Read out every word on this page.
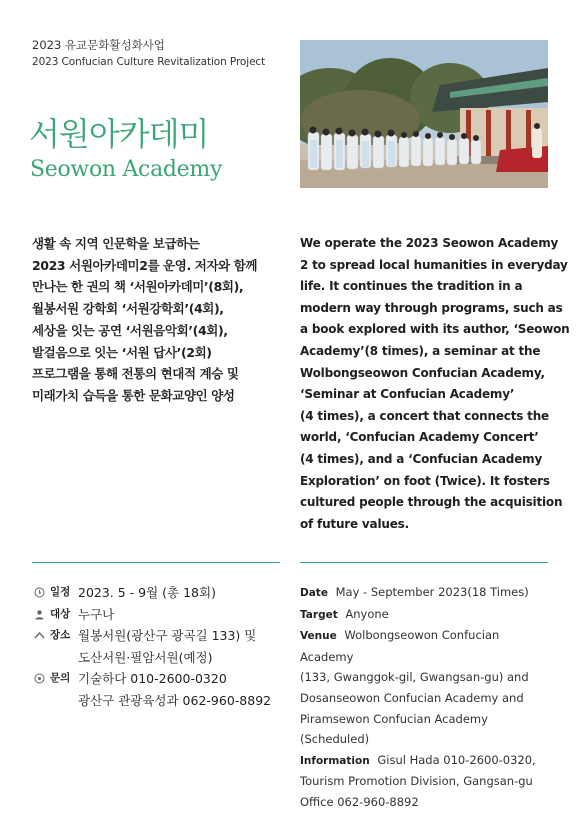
2023 유교문화활성화사업
2023 Confucian Culture Revitalization Project
서원아카데미
Seowon Academy
생활 속 지역 인문학을 보급하는
2023 서원아카데미2를 운영. 저자와 함께
만나는 한 권의 책 ‘서원아카데미’(8회),
월봉서원 강학회 ‘서원강학회’(4회),
세상을 잇는 공연 ‘서원음악회’(4회),
발걸음으로 잇는 ‘서원 답사’(2회)
프로그램을 통해 전통의 현대적 계승 및
미래가치 습득을 통한 문화교양인 양성
We operate the 2023 Seowon Academy
2 to spread local humanities in everyday
life. It continues the tradition in a
modern way through programs, such as
a book explored with its author, ‘Seowon
Academy’(8 times), a seminar at the
Wolbongseowon Confucian Academy,
‘Seminar at Confucian Academy’
(4 times), a concert that connects the
world, ‘Confucian Academy Concert’
(4 times), and a ‘Confucian Academy
Exploration’ on foot (Twice). It fosters
cultured people through the acquisition
of future values.
일정 2023. 5 - 9월 (총 18회)
대상 누구나
장소 월봉서원(광산구 광곡길 133) 및
도산서원·필암서원(예정)
문의 기술하다 010-2600-0320
광산구 관광육성과 062-960-8892
Date May - September 2023(18 Times)
Target Anyone
Venue Wolbongseowon Confucian Academy
(133, Gwanggok-gil, Gwangsan-gu) and
Dosanseowon Confucian Academy and
Piramsewon Confucian Academy (Scheduled)
Information Gisul Hada 010-2600-0320,
Tourism Promotion Division, Gangsan-gu
Office 062-960-8892
